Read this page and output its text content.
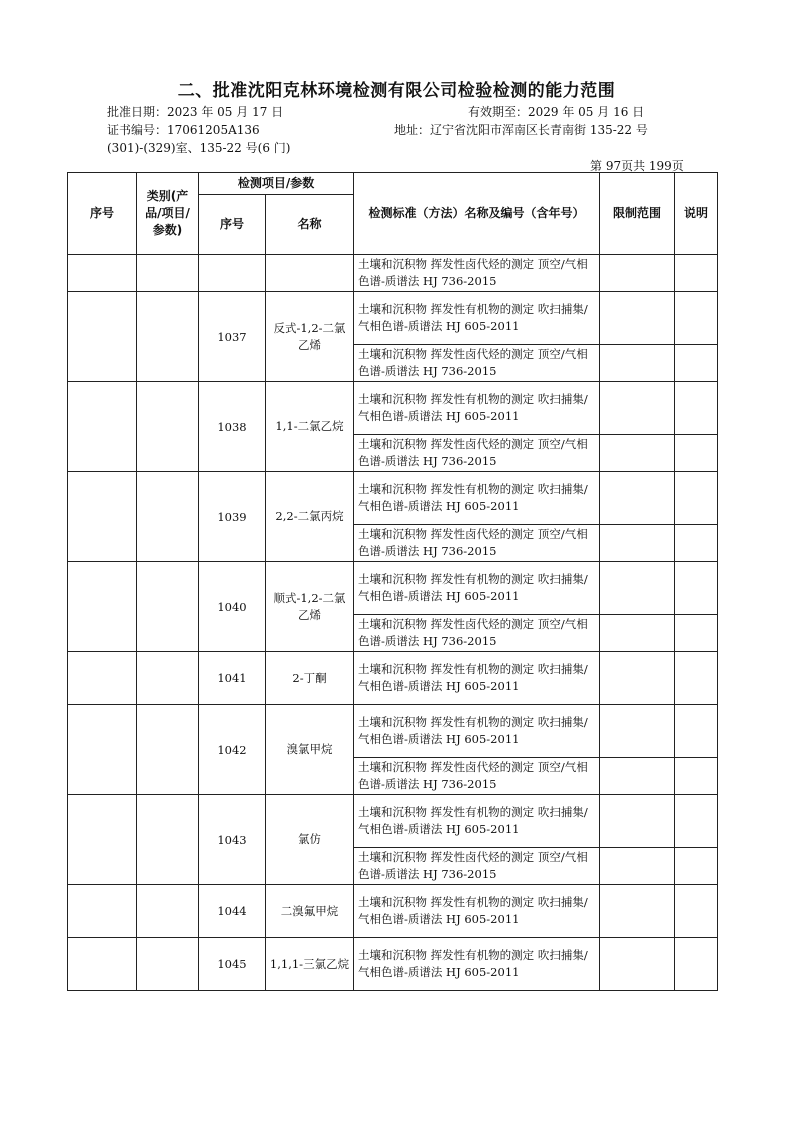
二、批准沈阳克林环境检测有限公司检验检测的能力范围
批准日期：2023 年 05 月 17 日	有效期至：2029 年 05 月 16 日
证书编号：17061205A136	地址：辽宁省沈阳市浑南区长青南街 135-22 号
(301)-(329)室、135-22 号(6 门)
第 97页共 199页
序号	类别(产品/项目/参数)	检测项目/参数		检测标准（方法）名称及编号（含年号）	限制范围	说明
		序号	名称			
				土壤和沉积物 挥发性卤代烃的测定 顶空/气相色谱-质谱法 HJ 736-2015		
		1037	反式-1,2-二氯乙烯	土壤和沉积物 挥发性有机物的测定 吹扫捕集/气相色谱-质谱法 HJ 605-2011		
				土壤和沉积物 挥发性卤代烃的测定 顶空/气相色谱-质谱法 HJ 736-2015		
		1038	1,1-二氯乙烷	土壤和沉积物 挥发性有机物的测定 吹扫捕集/气相色谱-质谱法 HJ 605-2011		
				土壤和沉积物 挥发性卤代烃的测定 顶空/气相色谱-质谱法 HJ 736-2015		
		1039	2,2-二氯丙烷	土壤和沉积物 挥发性有机物的测定 吹扫捕集/气相色谱-质谱法 HJ 605-2011		
				土壤和沉积物 挥发性卤代烃的测定 顶空/气相色谱-质谱法 HJ 736-2015		
		1040	顺式-1,2-二氯乙烯	土壤和沉积物 挥发性有机物的测定 吹扫捕集/气相色谱-质谱法 HJ 605-2011		
				土壤和沉积物 挥发性卤代烃的测定 顶空/气相色谱-质谱法 HJ 736-2015		
		1041	2-丁酮	土壤和沉积物 挥发性有机物的测定 吹扫捕集/气相色谱-质谱法 HJ 605-2011		
		1042	溴氯甲烷	土壤和沉积物 挥发性有机物的测定 吹扫捕集/气相色谱-质谱法 HJ 605-2011		
				土壤和沉积物 挥发性卤代烃的测定 顶空/气相色谱-质谱法 HJ 736-2015		
		1043	氯仿	土壤和沉积物 挥发性有机物的测定 吹扫捕集/气相色谱-质谱法 HJ 605-2011		
				土壤和沉积物 挥发性卤代烃的测定 顶空/气相色谱-质谱法 HJ 736-2015		
		1044	二溴氟甲烷	土壤和沉积物 挥发性有机物的测定 吹扫捕集/气相色谱-质谱法 HJ 605-2011		
		1045	1,1,1-三氯乙烷	土壤和沉积物 挥发性有机物的测定 吹扫捕集/气相色谱-质谱法 HJ 605-2011		
